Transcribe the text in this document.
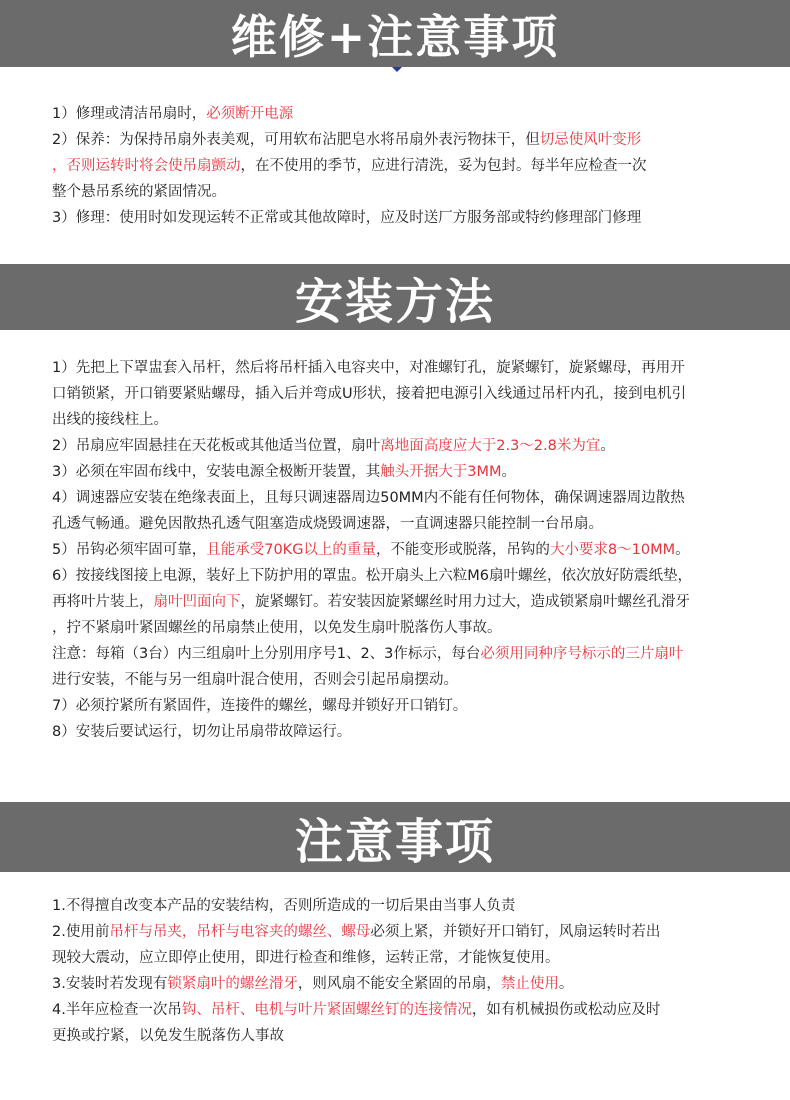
维修+注意事项
1）修理或清洁吊扇时，必须断开电源
2）保养：为保持吊扇外表美观，可用软布沾肥皂水将吊扇外表污物抹干，但切忌使风叶变形
，否则运转时将会使吊扇颤动，在不使用的季节，应进行清洗，妥为包封。每半年应检查一次
整个悬吊系统的紧固情况。
3）修理：使用时如发现运转不正常或其他故障时，应及时送厂方服务部或特约修理部门修理
安装方法
1）先把上下罩盅套入吊杆，然后将吊杆插入电容夹中，对准螺钉孔，旋紧螺钉，旋紧螺母，再用开
口销锁紧，开口销要紧贴螺母，插入后并弯成U形状，接着把电源引入线通过吊杆内孔，接到电机引
出线的接线柱上。
2）吊扇应牢固悬挂在天花板或其他适当位置，扇叶离地面高度应大于2.3～2.8米为宜。
3）必须在牢固布线中，安装电源全极断开装置，其触头开据大于3MM。
4）调速器应安装在绝缘表面上，且每只调速器周边50MM内不能有任何物体，确保调速器周边散热
孔透气畅通。避免因散热孔透气阻塞造成烧毁调速器，一直调速器只能控制一台吊扇。
5）吊钩必须牢固可靠，且能承受70KG以上的重量，不能变形或脱落，吊钩的大小要求8～10MM。
6）按接线图接上电源，装好上下防护用的罩盅。松开扇头上六粒M6扇叶螺丝，依次放好防震纸垫，
再将叶片装上，扇叶凹面向下，旋紧螺钉。若安装因旋紧螺丝时用力过大，造成锁紧扇叶螺丝孔滑牙
，拧不紧扇叶紧固螺丝的吊扇禁止使用，以免发生扇叶脱落伤人事故。
注意：每箱（3台）内三组扇叶上分别用序号1、2、3作标示，每台必须用同种序号标示的三片扇叶
进行安装，不能与另一组扇叶混合使用，否则会引起吊扇摆动。
7）必须拧紧所有紧固件，连接件的螺丝，螺母并锁好开口销钉。
8）安装后要试运行，切勿让吊扇带故障运行。
注意事项
1.不得擅自改变本产品的安装结构，否则所造成的一切后果由当事人负责
2.使用前吊杆与吊夹，吊杆与电容夹的螺丝、螺母必须上紧，并锁好开口销钉，风扇运转时若出
现较大震动，应立即停止使用，即进行检查和维修，运转正常，才能恢复使用。
3.安装时若发现有锁紧扇叶的螺丝滑牙，则风扇不能安全紧固的吊扇，禁止使用。
4.半年应检查一次吊钩、吊杆、电机与叶片紧固螺丝钉的连接情况，如有机械损伤或松动应及时
更换或拧紧，以免发生脱落伤人事故
